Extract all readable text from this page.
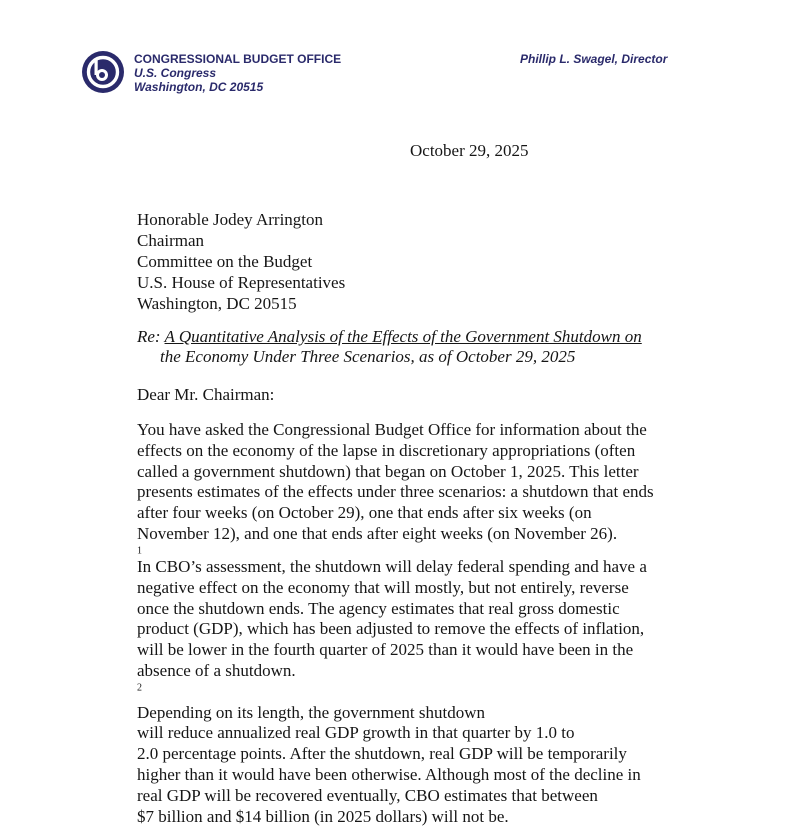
CONGRESSIONAL BUDGET OFFICE
U.S. Congress
Washington, DC 20515
Phillip L. Swagel, Director
October 29, 2025
Honorable Jodey Arrington
Chairman
Committee on the Budget
U.S. House of Representatives
Washington, DC 20515
Re: A Quantitative Analysis of the Effects of the Government Shutdown on
the Economy Under Three Scenarios, as of October 29, 2025
Dear Mr. Chairman:
You have asked the Congressional Budget Office for information about the
effects on the economy of the lapse in discretionary appropriations (often
called a government shutdown) that began on October 1, 2025. This letter
presents estimates of the effects under three scenarios: a shutdown that ends
after four weeks (on October 29), one that ends after six weeks (on
November 12), and one that ends after eight weeks (on November 26).
$^1$
In CBO’s assessment, the shutdown will delay federal spending and have a
negative effect on the economy that will mostly, but not entirely, reverse
once the shutdown ends. The agency estimates that real gross domestic
product (GDP), which has been adjusted to remove the effects of inflation,
will be lower in the fourth quarter of 2025 than it would have been in the
absence of a shutdown.
$^2$
Depending on its length, the government shutdown
will reduce annualized real GDP growth in that quarter by 1.0 to
2.0 percentage points. After the shutdown, real GDP will be temporarily
higher than it would have been otherwise. Although most of the decline in
real GDP will be recovered eventually, CBO estimates that between
$7 billion and $14 billion (in 2025 dollars) will not be.
